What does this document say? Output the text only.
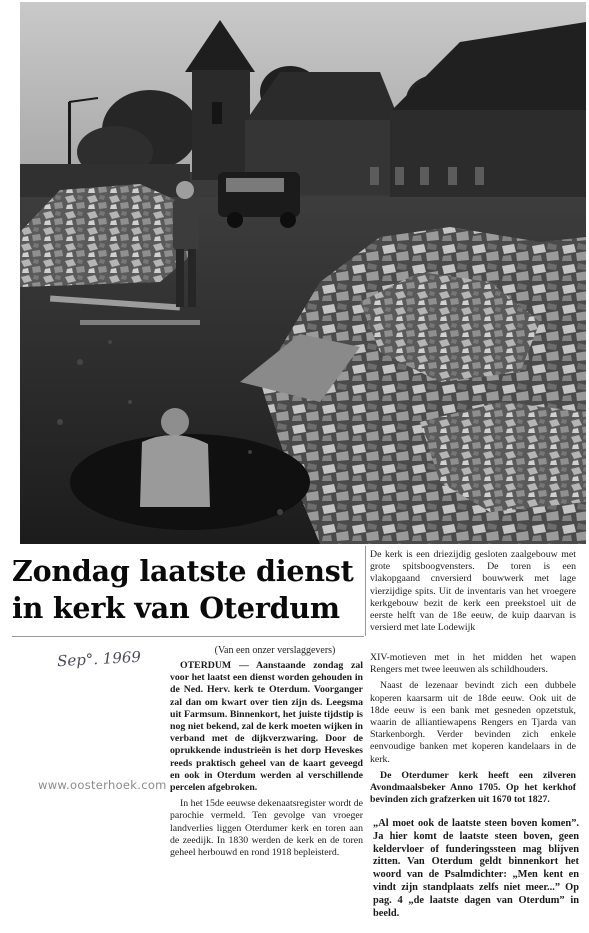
Zondag laatste dienst
in kerk van Oterdum
Sep°. 1969	(Van een onzer verslaggevers)

OTERDUM — Aanstaande zondag zal voor het laatst een dienst worden gehouden in de Ned. Herv. kerk te Oterdum. Voorganger zal dan om kwart over tien zijn ds. Leegsma uit Farmsum. Binnenkort, het juiste tijdstip is nog niet bekend, zal de kerk moeten wijken in verband met de dijkverzwaring. Door de oprukkende industrieën is het dorp Heveskes reeds praktisch geheel van de kaart geveegd en ook in Oterdum werden al verschillende percelen afgebroken.

In het 15de eeuwse dekenaatsregister wordt de parochie vermeld. Ten gevolge van vroeger landverlies liggen Oterdumer kerk en toren aan de zeedijk. In 1830 werden de kerk en de toren geheel herbouwd en rond 1918 bepleisterd.

De kerk is een driezijdig gesloten zaalgebouw met grote spitsboogvensters. De toren is een vlakopgaand cnversierd bouwwerk met lage vierzijdige spits. Uit de inventaris van het vroegere kerkgebouw bezit de kerk een preekstoel uit de eerste helft van de 18e eeuw, de kuip daarvan is versierd met late Lodewijk

XIV-motieven met in het midden het wapen Rengers met twee leeuwen als schildhouders.

Naast de lezenaar bevindt zich een dubbele koperen kaarsarm uit de 18de eeuw. Ook uit de 18de eeuw is een bank met gesneden opzetstuk, waarin de alliantiewapens Rengers en Tjarda van Starkenborgh. Verder bevinden zich enkele eenvoudige banken met koperen kandelaars in de kerk.

De Oterdumer kerk heeft een zilveren Avondmaalsbeker Anno 1705. Op het kerkhof bevinden zich grafzerken uit 1670 tot 1827.

„Al moet ook de laatste steen boven komen”. Ja hier komt de laatste steen boven, geen keldervloer of funderingssteen mag blijven zitten. Van Oterdum geldt binnenkort het woord van de Psalmdichter: „Men kent en vindt zijn standplaats zelfs niet meer...” Op pag. 4 „de laatste dagen van Oterdum” in beeld.

www.oosterhoek.com
